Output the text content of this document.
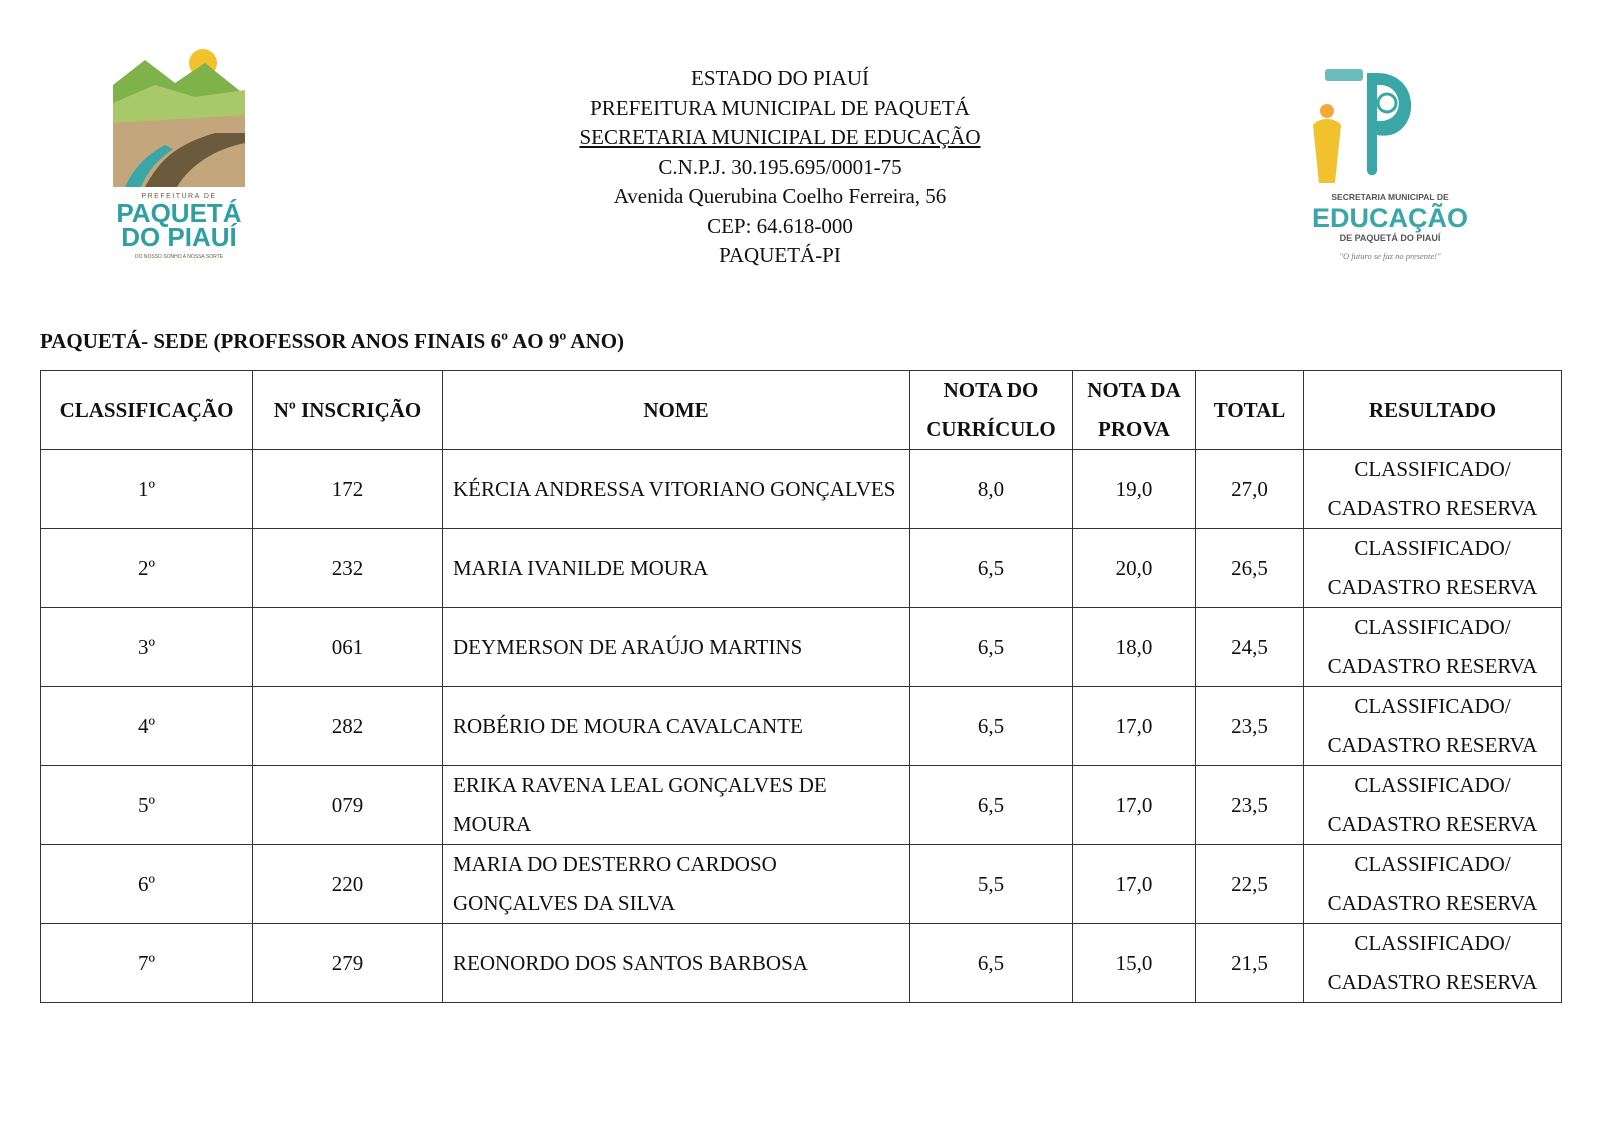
PREFEITURA DE
PAQUETÁ
DO PIAUÍ
DO NOSSO SONHO A NOSSA SORTE
ESTADO DO PIAUÍ
PREFEITURA MUNICIPAL DE PAQUETÁ
SECRETARIA MUNICIPAL DE EDUCAÇÃO
C.N.P.J. 30.195.695/0001-75
Avenida Querubina Coelho Ferreira, 56
CEP: 64.618-000
PAQUETÁ-PI
SECRETARIA MUNICIPAL DE
EDUCAÇÃO
DE PAQUETÁ DO PIAUÍ
"O futuro se faz no presente!"
PAQUETÁ- SEDE (PROFESSOR ANOS FINAIS 6º AO 9º ANO)
CLASSIFICAÇÃO	Nº INSCRIÇÃO	NOME	NOTA DO
CURRÍCULO	NOTA DA
PROVA	TOTAL	RESULTADO
1º	172	KÉRCIA ANDRESSA VITORIANO GONÇALVES	8,0	19,0	27,0	CLASSIFICADO/
CADASTRO RESERVA
2º	232	MARIA IVANILDE MOURA	6,5	20,0	26,5	CLASSIFICADO/
CADASTRO RESERVA
3º	061	DEYMERSON DE ARAÚJO MARTINS	6,5	18,0	24,5	CLASSIFICADO/
CADASTRO RESERVA
4º	282	ROBÉRIO DE MOURA CAVALCANTE	6,5	17,0	23,5	CLASSIFICADO/
CADASTRO RESERVA
5º	079	ERIKA RAVENA LEAL GONÇALVES DE MOURA	6,5	17,0	23,5	CLASSIFICADO/
CADASTRO RESERVA
6º	220	MARIA DO DESTERRO CARDOSO GONÇALVES DA SILVA	5,5	17,0	22,5	CLASSIFICADO/
CADASTRO RESERVA
7º	279	REONORDO DOS SANTOS BARBOSA	6,5	15,0	21,5	CLASSIFICADO/
CADASTRO RESERVA
